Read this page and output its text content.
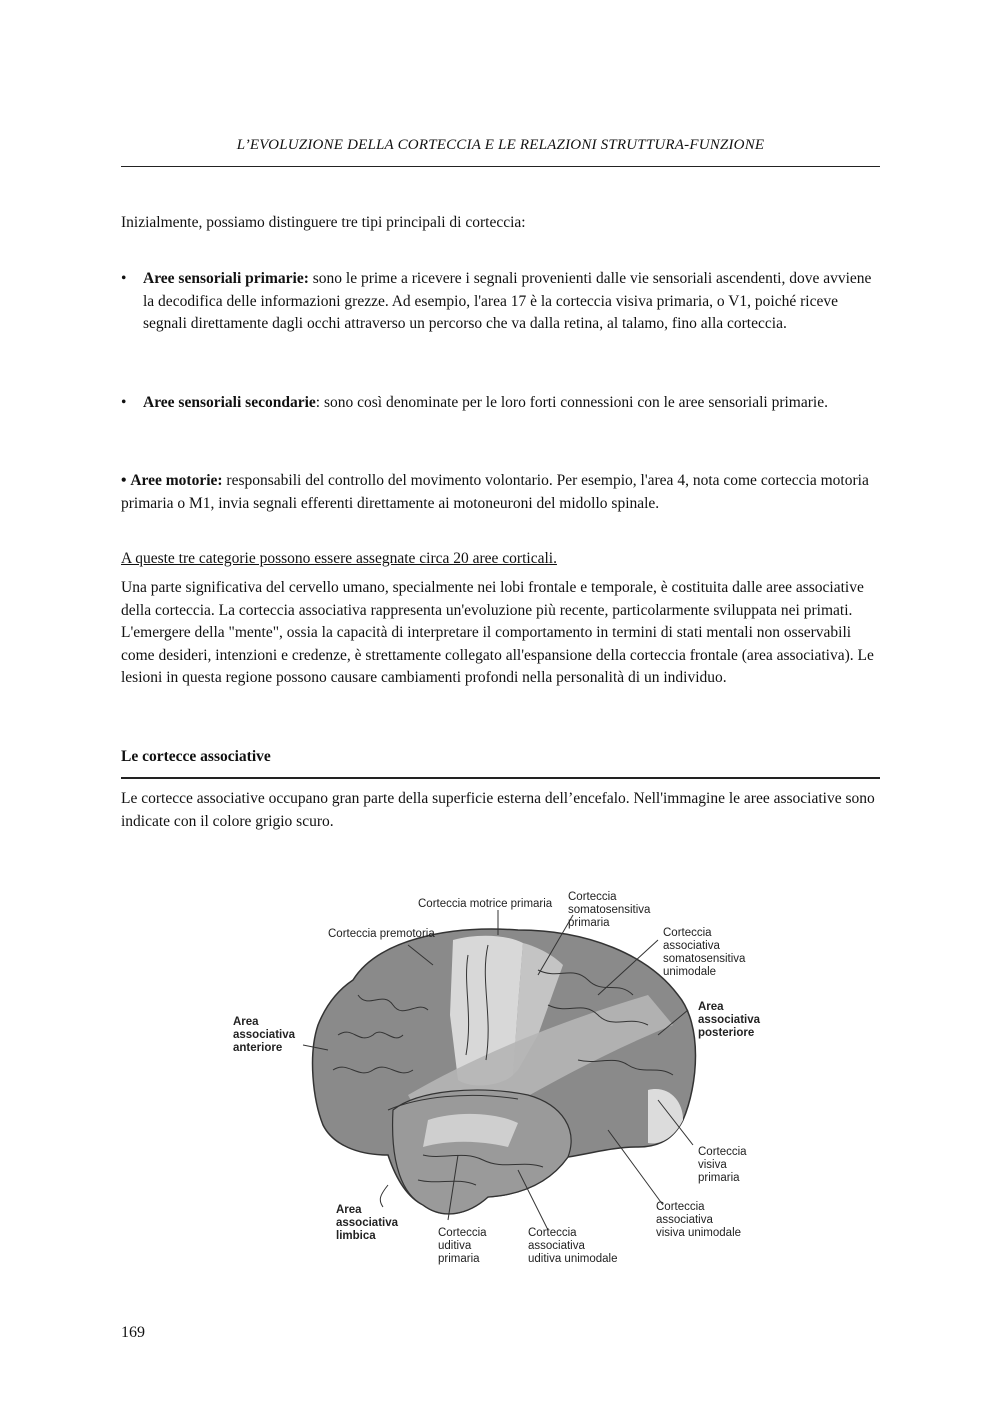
L’EVOLUZIONE DELLA CORTECCIA E LE RELAZIONI STRUTTURA-FUNZIONE

Inizialmente, possiamo distinguere tre tipi principali di corteccia:

• Aree sensoriali primarie: sono le prime a ricevere i segnali provenienti dalle vie sensoriali ascendenti, dove avviene la decodifica delle informazioni grezze. Ad esempio, l'area 17 è la corteccia visiva primaria, o V1, poiché riceve segnali direttamente dagli occhi attraverso un percorso che va dalla retina, al talamo, fino alla corteccia.
• Aree sensoriali secondarie: sono così denominate per le loro forti connessioni con le aree sensoriali primarie.
• Aree motorie: responsabili del controllo del movimento volontario. Per esempio, l'area 4, nota come corteccia motoria primaria o M1, invia segnali efferenti direttamente ai motoneuroni del midollo spinale.

A queste tre categorie possono essere assegnate circa 20 aree corticali.

Una parte significativa del cervello umano, specialmente nei lobi frontale e temporale, è costituita dalle aree associative della corteccia. La corteccia associativa rappresenta un'evoluzione più recente, particolarmente sviluppata nei primati. L'emergere della "mente", ossia la capacità di interpretare il comportamento in termini di stati mentali non osservabili come desideri, intenzioni e credenze, è strettamente collegato all'espansione della corteccia frontale (area associativa). Le lesioni in questa regione possono causare cambiamenti profondi nella personalità di un individuo.

Le cortecce associative

Le cortecce associative occupano gran parte della superficie esterna dell’encefalo. Nell'immagine le aree associative sono indicate con il colore grigio scuro.

Corteccia motrice primaria
Corteccia
somatosensitiva
primaria
Corteccia premotoria	Corteccia
associativa
somatosensitiva
unimodale
Area
associativa
anteriore
Area
associativa
posteriore
Corteccia
visiva
primaria
Area
associativa
limbica	Corteccia
uditiva
primaria
Corteccia
associativa
uditiva unimodale
Corteccia
associativa
visiva unimodale
169
